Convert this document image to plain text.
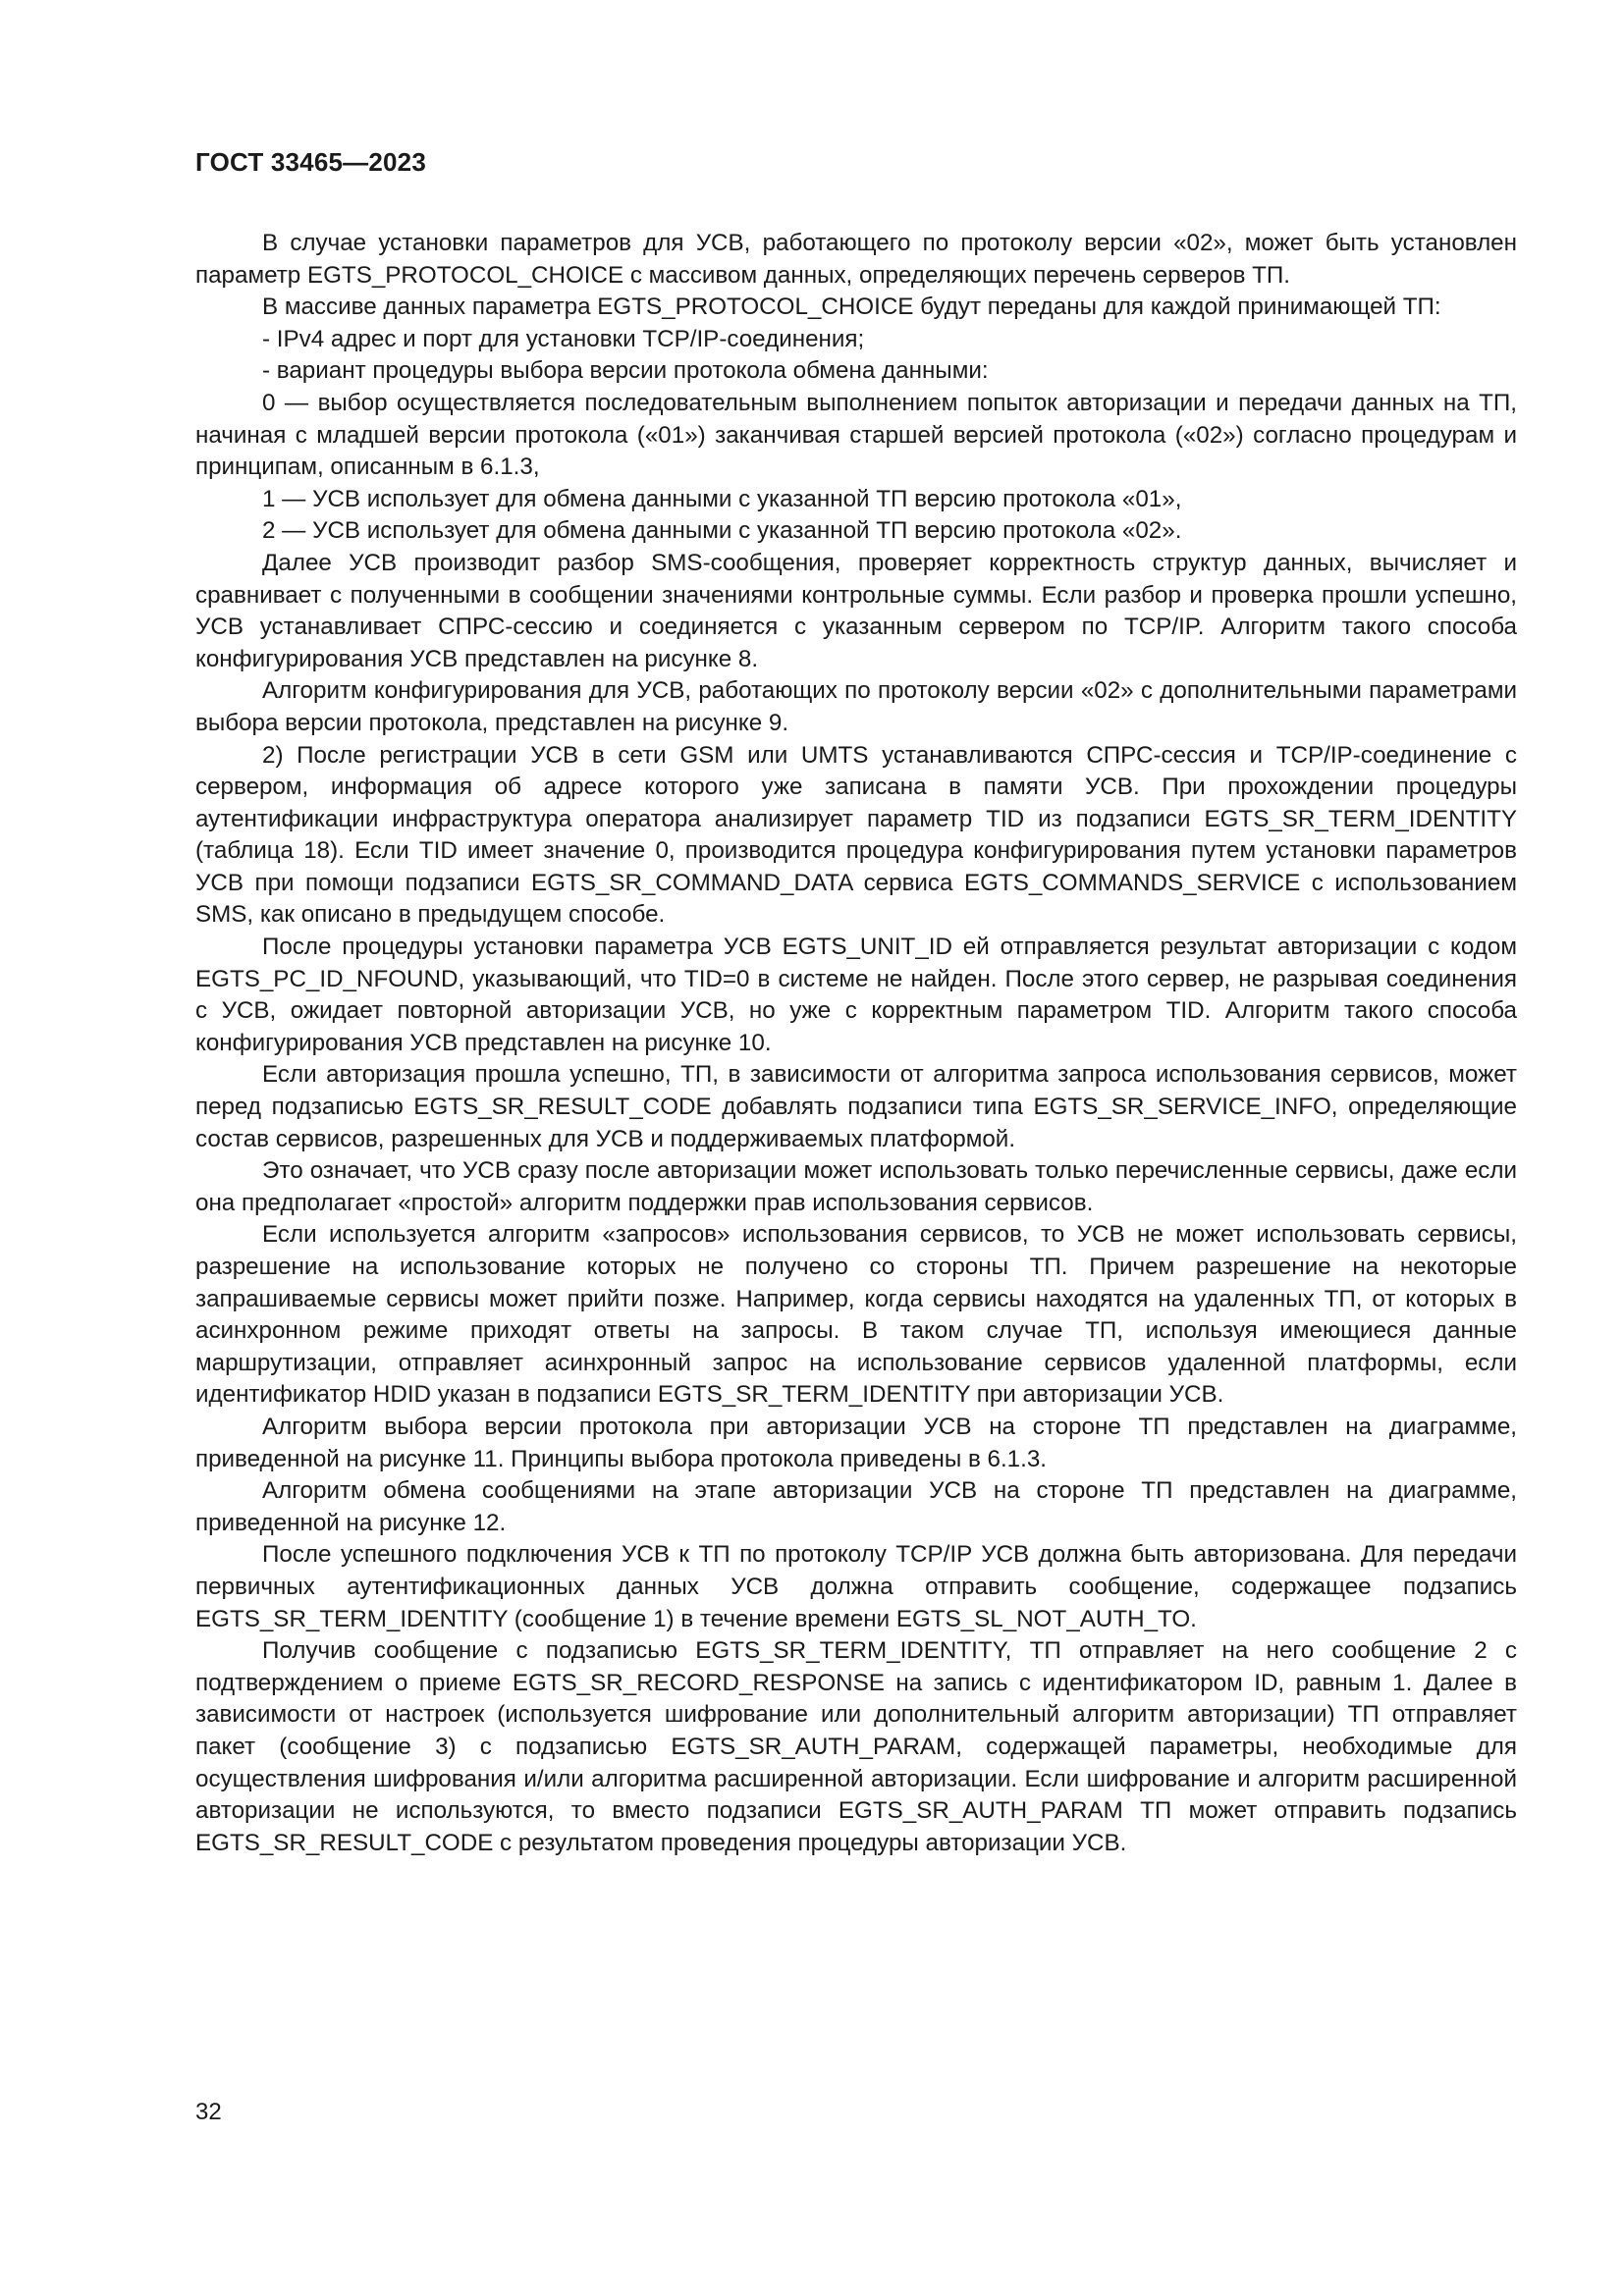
ГОСТ 33465—2023

В случае установки параметров для УСВ, работающего по протоколу версии «02», может быть установлен параметр EGTS_PROTOCOL_CHOICE с массивом данных, определяющих перечень серверов ТП.

В массиве данных параметра EGTS_PROTOCOL_CHOICE будут переданы для каждой принимающей ТП:

- IPv4 адрес и порт для установки TCP/IP-соединения;

- вариант процедуры выбора версии протокола обмена данными:

0 — выбор осуществляется последовательным выполнением попыток авторизации и передачи данных на ТП, начиная с младшей версии протокола («01») заканчивая старшей версией протокола («02») согласно процедурам и принципам, описанным в 6.1.3,

1 — УСВ использует для обмена данными с указанной ТП версию протокола «01»,

2 — УСВ использует для обмена данными с указанной ТП версию протокола «02».

Далее УСВ производит разбор SMS-сообщения, проверяет корректность структур данных, вычисляет и сравнивает с полученными в сообщении значениями контрольные суммы. Если разбор и проверка прошли успешно, УСВ устанавливает СПРС-сессию и соединяется с указанным сервером по TCP/IP. Алгоритм такого способа конфигурирования УСВ представлен на рисунке 8.

Алгоритм конфигурирования для УСВ, работающих по протоколу версии «02» с дополнительными параметрами выбора версии протокола, представлен на рисунке 9.

2) После регистрации УСВ в сети GSM или UMTS устанавливаются СПРС-сессия и TCP/IP-соединение с сервером, информация об адресе которого уже записана в памяти УСВ. При прохождении процедуры аутентификации инфраструктура оператора анализирует параметр TID из подзаписи EGTS_SR_TERM_IDENTITY (таблица 18). Если TID имеет значение 0, производится процедура конфигурирования путем установки параметров УСВ при помощи подзаписи EGTS_SR_COMMAND_DATA сервиса EGTS_COMMANDS_SERVICE с использованием SMS, как описано в предыдущем способе.

После процедуры установки параметра УСВ EGTS_UNIT_ID ей отправляется результат авторизации с кодом EGTS_PC_ID_NFOUND, указывающий, что TID=0 в системе не найден. После этого сервер, не разрывая соединения с УСВ, ожидает повторной авторизации УСВ, но уже с корректным параметром TID. Алгоритм такого способа конфигурирования УСВ представлен на рисунке 10.

Если авторизация прошла успешно, ТП, в зависимости от алгоритма запроса использования сервисов, может перед подзаписью EGTS_SR_RESULT_CODE добавлять подзаписи типа EGTS_SR_SERVICE_INFO, определяющие состав сервисов, разрешенных для УСВ и поддерживаемых платформой.

Это означает, что УСВ сразу после авторизации может использовать только перечисленные сервисы, даже если она предполагает «простой» алгоритм поддержки прав использования сервисов.

Если используется алгоритм «запросов» использования сервисов, то УСВ не может использовать сервисы, разрешение на использование которых не получено со стороны ТП. Причем разрешение на некоторые запрашиваемые сервисы может прийти позже. Например, когда сервисы находятся на удаленных ТП, от которых в асинхронном режиме приходят ответы на запросы. В таком случае ТП, используя имеющиеся данные маршрутизации, отправляет асинхронный запрос на использование сервисов удаленной платформы, если идентификатор HDID указан в подзаписи EGTS_SR_TERM_IDENTITY при авторизации УСВ.

Алгоритм выбора версии протокола при авторизации УСВ на стороне ТП представлен на диаграмме, приведенной на рисунке 11. Принципы выбора протокола приведены в 6.1.3.

Алгоритм обмена сообщениями на этапе авторизации УСВ на стороне ТП представлен на диаграмме, приведенной на рисунке 12.

После успешного подключения УСВ к ТП по протоколу TCP/IP УСВ должна быть авторизована. Для передачи первичных аутентификационных данных УСВ должна отправить сообщение, содержащее подзапись EGTS_SR_TERM_IDENTITY (сообщение 1) в течение времени EGTS_SL_NOT_AUTH_TO.

Получив сообщение с подзаписью EGTS_SR_TERM_IDENTITY, ТП отправляет на него сообщение 2 с подтверждением о приеме EGTS_SR_RECORD_RESPONSE на запись с идентификатором ID, равным 1. Далее в зависимости от настроек (используется шифрование или дополнительный алгоритм авторизации) ТП отправляет пакет (сообщение 3) с подзаписью EGTS_SR_AUTH_PARAM, содержащей параметры, необходимые для осуществления шифрования и/или алгоритма расширенной авторизации. Если шифрование и алгоритм расширенной авторизации не используются, то вместо подзаписи EGTS_SR_AUTH_PARAM ТП может отправить подзапись EGTS_SR_RESULT_CODE с результатом проведения процедуры авторизации УСВ.

32
